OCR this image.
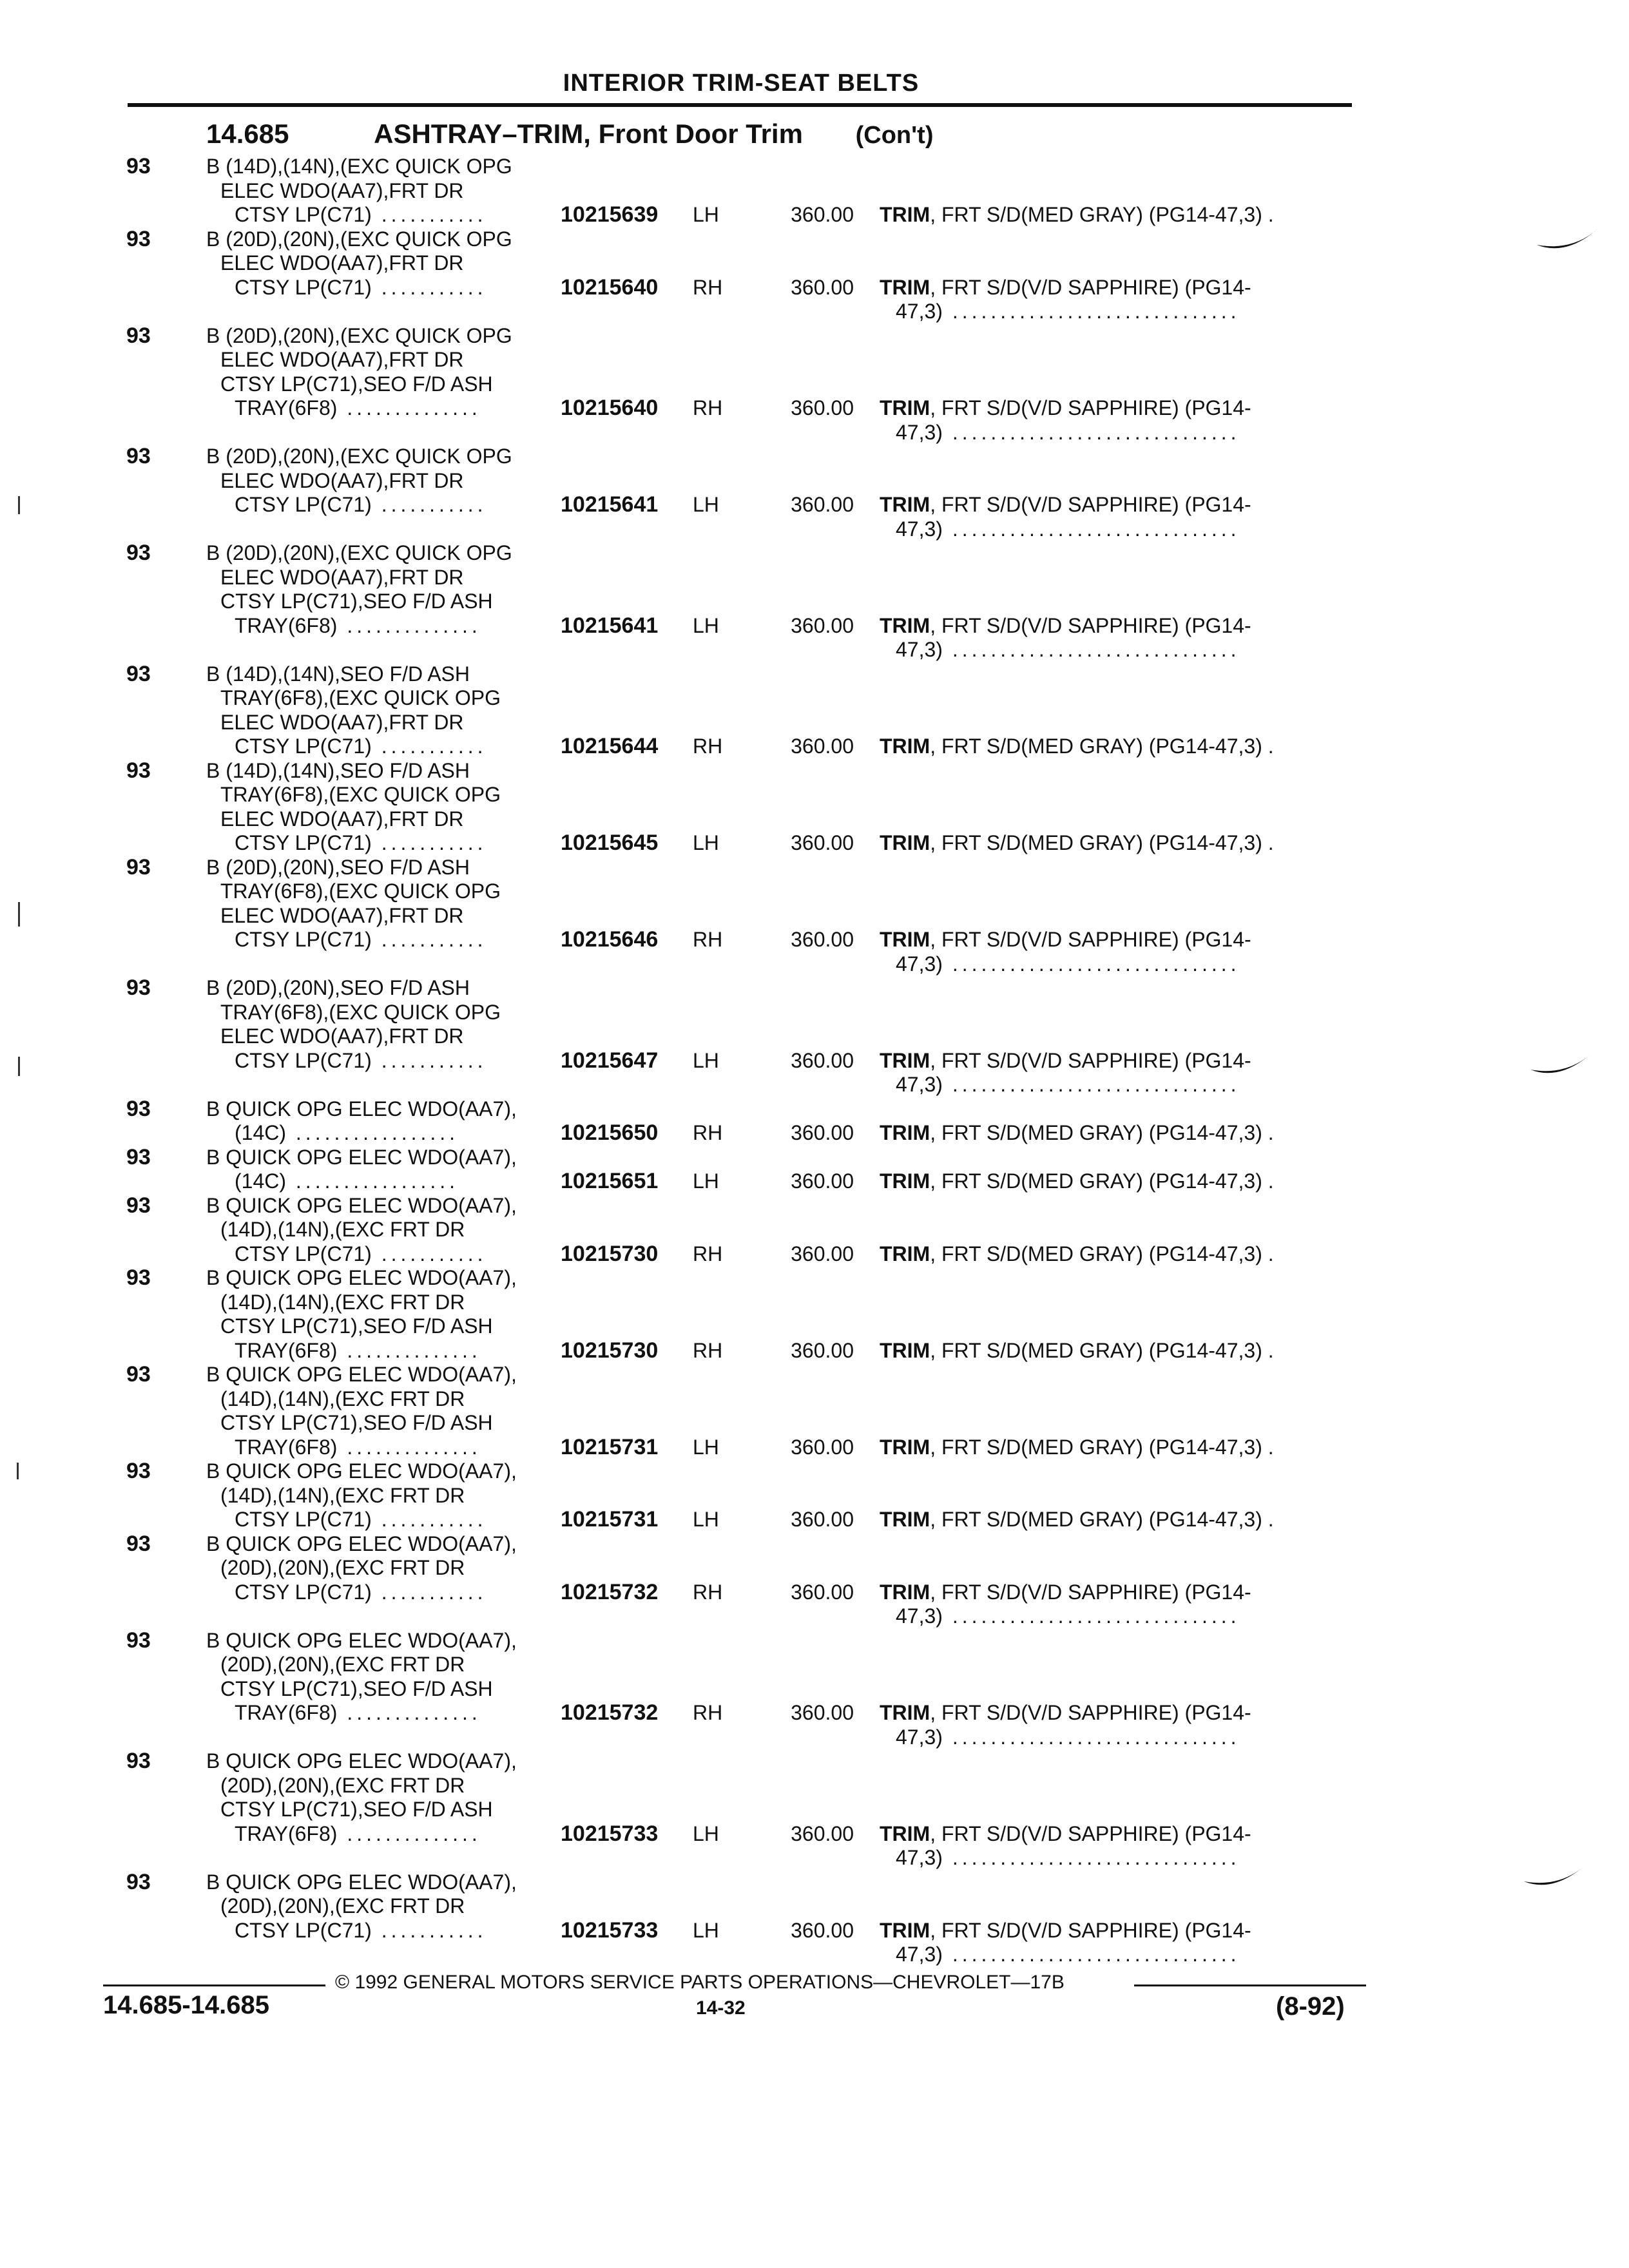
INTERIOR TRIM-SEAT BELTS
14.685	ASHTRAY–TRIM, Front Door Trim (Con't)
93	B (14D),(14N),(EXC QUICK OPG
ELEC WDO(AA7),FRT DR
CTSY LP(C71) ...........	10215639 LH	360.00 TRIM, FRT S/D(MED GRAY) (PG14-47,3) .
93	B (20D),(20N),(EXC QUICK OPG
ELEC WDO(AA7),FRT DR
CTSY LP(C71) ...........	10215640 RH	360.00 TRIM, FRT S/D(V/D SAPPHIRE) (PG14-
47,3) ..............................
93	B (20D),(20N),(EXC QUICK OPG
ELEC WDO(AA7),FRT DR
CTSY LP(C71),SEO F/D ASH
TRAY(6F8) ..............	10215640 RH	360.00 TRIM, FRT S/D(V/D SAPPHIRE) (PG14-
47,3) ..............................
93	B (20D),(20N),(EXC QUICK OPG
ELEC WDO(AA7),FRT DR
CTSY LP(C71) ...........	10215641 LH	360.00 TRIM, FRT S/D(V/D SAPPHIRE) (PG14-
47,3) ..............................
93	B (20D),(20N),(EXC QUICK OPG
ELEC WDO(AA7),FRT DR
CTSY LP(C71),SEO F/D ASH
TRAY(6F8) ..............	10215641 LH	360.00 TRIM, FRT S/D(V/D SAPPHIRE) (PG14-
47,3) ..............................
93	B (14D),(14N),SEO F/D ASH
TRAY(6F8),(EXC QUICK OPG
ELEC WDO(AA7),FRT DR
CTSY LP(C71) ...........	10215644 RH	360.00 TRIM, FRT S/D(MED GRAY) (PG14-47,3) .
93	B (14D),(14N),SEO F/D ASH
TRAY(6F8),(EXC QUICK OPG
ELEC WDO(AA7),FRT DR
CTSY LP(C71) ...........	10215645 LH	360.00 TRIM, FRT S/D(MED GRAY) (PG14-47,3) .
93	B (20D),(20N),SEO F/D ASH
TRAY(6F8),(EXC QUICK OPG
ELEC WDO(AA7),FRT DR
CTSY LP(C71) ...........	10215646 RH	360.00 TRIM, FRT S/D(V/D SAPPHIRE) (PG14-
47,3) ..............................
93	B (20D),(20N),SEO F/D ASH
TRAY(6F8),(EXC QUICK OPG
ELEC WDO(AA7),FRT DR
CTSY LP(C71) ...........	10215647 LH	360.00 TRIM, FRT S/D(V/D SAPPHIRE) (PG14-
47,3) ..............................
93	B QUICK OPG ELEC WDO(AA7),
(14C) .................	10215650 RH	360.00 TRIM, FRT S/D(MED GRAY) (PG14-47,3) .
93	B QUICK OPG ELEC WDO(AA7),
(14C) .................	10215651 LH	360.00 TRIM, FRT S/D(MED GRAY) (PG14-47,3) .
93	B QUICK OPG ELEC WDO(AA7),
(14D),(14N),(EXC FRT DR
CTSY LP(C71) ...........	10215730 RH	360.00 TRIM, FRT S/D(MED GRAY) (PG14-47,3) .
93	B QUICK OPG ELEC WDO(AA7),
(14D),(14N),(EXC FRT DR
CTSY LP(C71),SEO F/D ASH
TRAY(6F8) ..............	10215730 RH	360.00 TRIM, FRT S/D(MED GRAY) (PG14-47,3) .
93	B QUICK OPG ELEC WDO(AA7),
(14D),(14N),(EXC FRT DR
CTSY LP(C71),SEO F/D ASH
TRAY(6F8) ..............	10215731 LH	360.00 TRIM, FRT S/D(MED GRAY) (PG14-47,3) .
93	B QUICK OPG ELEC WDO(AA7),
(14D),(14N),(EXC FRT DR
CTSY LP(C71) ...........	10215731 LH	360.00 TRIM, FRT S/D(MED GRAY) (PG14-47,3) .
93	B QUICK OPG ELEC WDO(AA7),
(20D),(20N),(EXC FRT DR
CTSY LP(C71) ...........	10215732 RH	360.00 TRIM, FRT S/D(V/D SAPPHIRE) (PG14-
47,3) ..............................
93	B QUICK OPG ELEC WDO(AA7),
(20D),(20N),(EXC FRT DR
CTSY LP(C71),SEO F/D ASH
TRAY(6F8) ..............	10215732 RH	360.00 TRIM, FRT S/D(V/D SAPPHIRE) (PG14-
47,3) ..............................
93	B QUICK OPG ELEC WDO(AA7),
(20D),(20N),(EXC FRT DR
CTSY LP(C71),SEO F/D ASH
TRAY(6F8) ..............	10215733 LH	360.00 TRIM, FRT S/D(V/D SAPPHIRE) (PG14-
47,3) ..............................
93	B QUICK OPG ELEC WDO(AA7),
(20D),(20N),(EXC FRT DR
CTSY LP(C71) ...........	10215733 LH	360.00 TRIM, FRT S/D(V/D SAPPHIRE) (PG14-
47,3) ..............................
© 1992 GENERAL MOTORS SERVICE PARTS OPERATIONS—CHEVROLET—17B
14.685-14.685	14-32	(8-92)
